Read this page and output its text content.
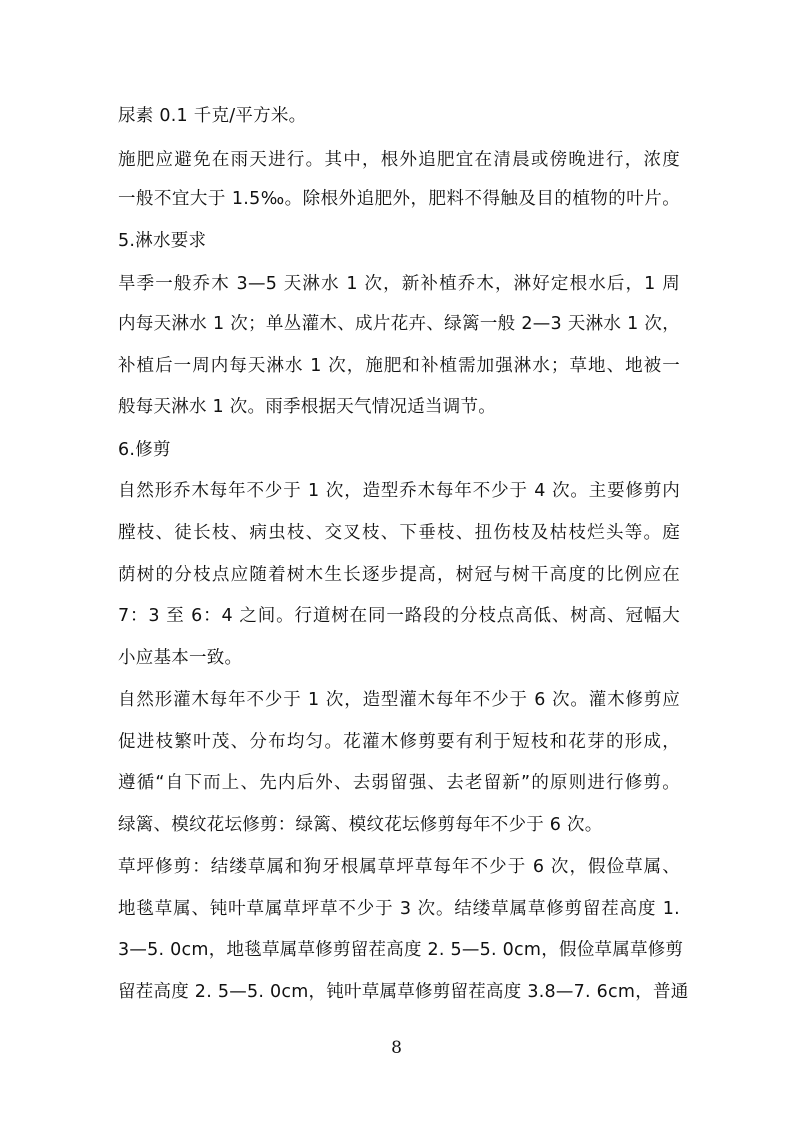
尿素 0.1 千克/平方米。
施肥应避免在雨天进行。其中，根外追肥宜在清晨或傍晚进行，浓度
一般不宜大于 1.5‰。除根外追肥外，肥料不得触及目的植物的叶片。
5.淋水要求
旱季一般乔木 3—5 天淋水 1 次，新补植乔木，淋好定根水后，1 周
内每天淋水 1 次；单丛灌木、成片花卉、绿篱一般 2—3 天淋水 1 次，
补植后一周内每天淋水 1 次，施肥和补植需加强淋水；草地、地被一
般每天淋水 1 次。雨季根据天气情况适当调节。
6.修剪
自然形乔木每年不少于 1 次，造型乔木每年不少于 4 次。主要修剪内
膛枝、徒长枝、病虫枝、交叉枝、下垂枝、扭伤枝及枯枝烂头等。庭
荫树的分枝点应随着树木生长逐步提高，树冠与树干高度的比例应在
7：3 至 6：4 之间。行道树在同一路段的分枝点高低、树高、冠幅大
小应基本一致。
自然形灌木每年不少于 1 次，造型灌木每年不少于 6 次。灌木修剪应
促进枝繁叶茂、分布均匀。花灌木修剪要有利于短枝和花芽的形成，
遵循“自下而上、先内后外、去弱留强、去老留新”的原则进行修剪。
绿篱、模纹花坛修剪：绿篱、模纹花坛修剪每年不少于 6 次。
草坪修剪：结缕草属和狗牙根属草坪草每年不少于 6 次，假俭草属、
地毯草属、钝叶草属草坪草不少于 3 次。结缕草属草修剪留茬高度 1.
3—5. 0cm，地毯草属草修剪留茬高度 2. 5—5. 0cm，假俭草属草修剪
留茬高度 2. 5—5. 0cm，钝叶草属草修剪留茬高度 3.8—7. 6cm，普通
8
